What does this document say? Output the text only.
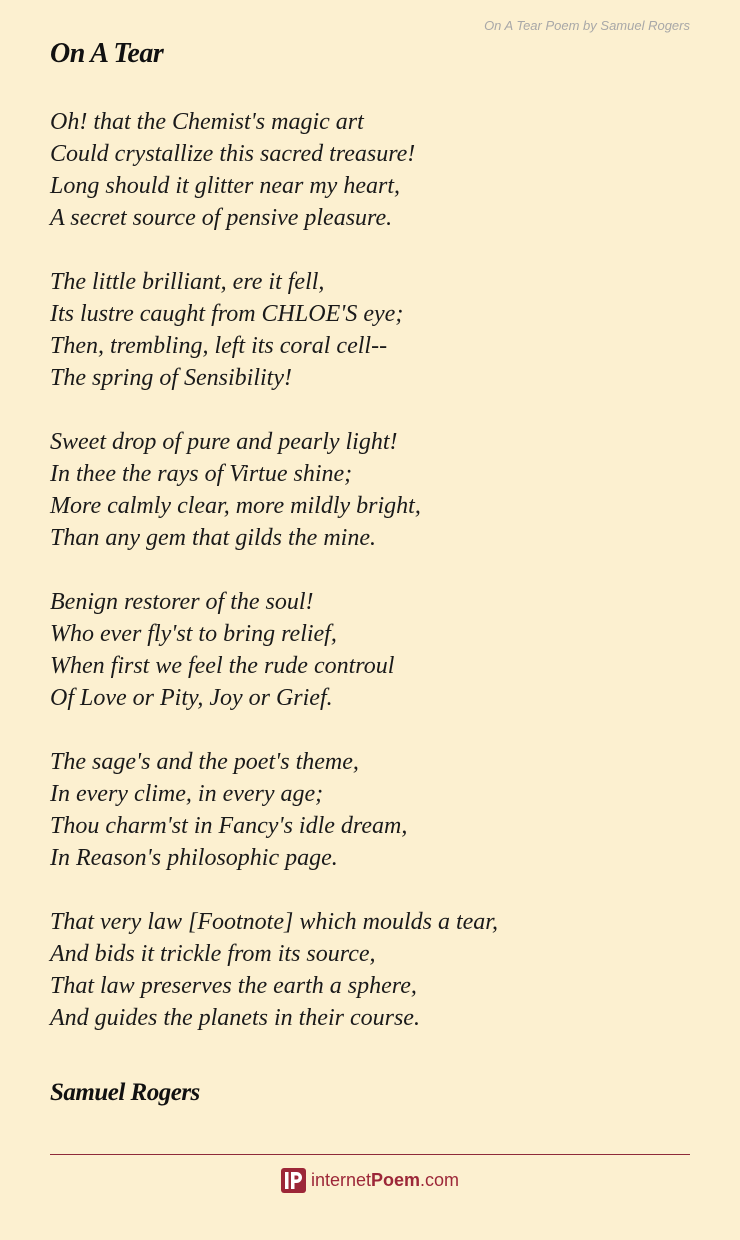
On A Tear Poem by Samuel Rogers
On A Tear
Oh! that the Chemist's magic art
Could crystallize this sacred treasure!
Long should it glitter near my heart,
A secret source of pensive pleasure.
The little brilliant, ere it fell,
Its lustre caught from CHLOE'S eye;
Then, trembling, left its coral cell--
The spring of Sensibility!
Sweet drop of pure and pearly light!
In thee the rays of Virtue shine;
More calmly clear, more mildly bright,
Than any gem that gilds the mine.
Benign restorer of the soul!
Who ever fly'st to bring relief,
When first we feel the rude controul
Of Love or Pity, Joy or Grief.
The sage's and the poet's theme,
In every clime, in every age;
Thou charm'st in Fancy's idle dream,
In Reason's philosophic page.
That very law [Footnote] which moulds a tear,
And bids it trickle from its source,
That law preserves the earth a sphere,
And guides the planets in their course.
Samuel Rogers
internetPoem.com
